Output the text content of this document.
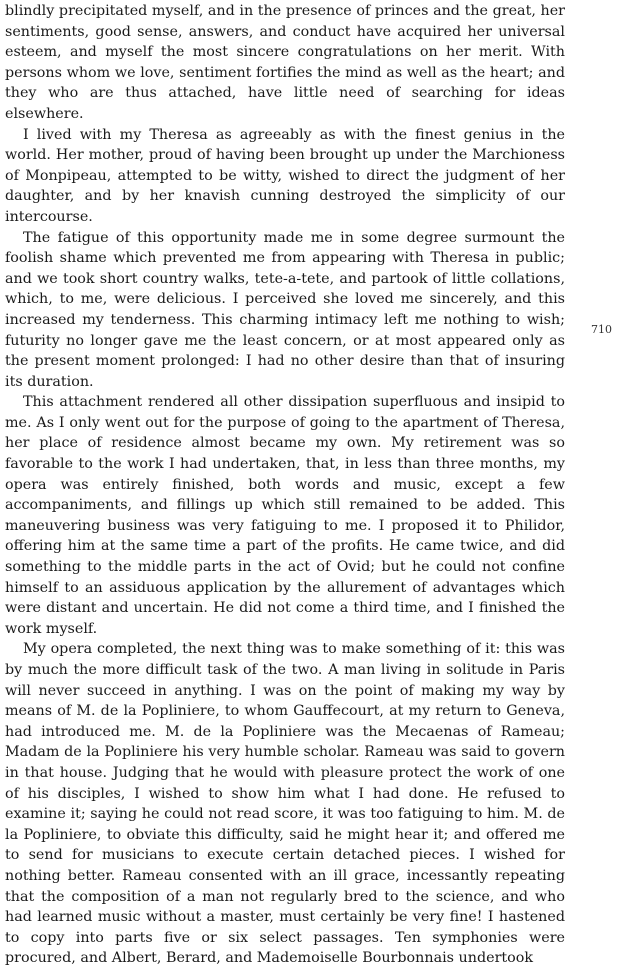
blindly precipitated myself, and in the presence of princes and the great, her sentiments, good sense, answers, and conduct have acquired her universal esteem, and myself the most sincere congratulations on her merit. With persons whom we love, sentiment fortifies the mind as well as the heart; and they who are thus attached, have little need of searching for ideas elsewhere.

I lived with my Theresa as agreeably as with the finest genius in the world. Her mother, proud of having been brought up under the Marchioness of Monpipeau, attempted to be witty, wished to direct the judgment of her daughter, and by her knavish cunning destroyed the simplicity of our intercourse.

The fatigue of this opportunity made me in some degree surmount the foolish shame which prevented me from appearing with Theresa in public; and we took short country walks, tete-a-tete, and partook of little collations, which, to me, were delicious. I perceived she loved me sincerely, and this increased my tenderness. This charming intimacy left me nothing to wish; futurity no longer gave me the least concern, or at most appeared only as the present moment prolonged: I had no other desire than that of insuring its duration.

This attachment rendered all other dissipation superfluous and insipid to me. As I only went out for the purpose of going to the apartment of Theresa, her place of residence almost became my own. My retirement was so favorable to the work I had undertaken, that, in less than three months, my opera was entirely finished, both words and music, except a few accompaniments, and fillings up which still remained to be added. This maneuvering business was very fatiguing to me. I proposed it to Philidor, offering him at the same time a part of the profits. He came twice, and did something to the middle parts in the act of Ovid; but he could not confine himself to an assiduous application by the allurement of advantages which were distant and uncertain. He did not come a third time, and I finished the work myself.

My opera completed, the next thing was to make something of it: this was by much the more difficult task of the two. A man living in solitude in Paris will never succeed in anything. I was on the point of making my way by means of M. de la Popliniere, to whom Gauffecourt, at my return to Geneva, had introduced me. M. de la Popliniere was the Mecaenas of Rameau; Madam de la Popliniere his very humble scholar. Rameau was said to govern in that house. Judging that he would with pleasure protect the work of one of his disciples, I wished to show him what I had done. He refused to examine it; saying he could not read score, it was too fatiguing to him. M. de la Popliniere, to obviate this difficulty, said he might hear it; and offered me to send for musicians to execute certain detached pieces. I wished for nothing better. Rameau consented with an ill grace, incessantly repeating that the composition of a man not regularly bred to the science, and who had learned music without a master, must certainly be very fine! I hastened to copy into parts five or six select passages. Ten symphonies were procured, and Albert, Berard, and Mademoiselle Bourbonnais undertook

710
